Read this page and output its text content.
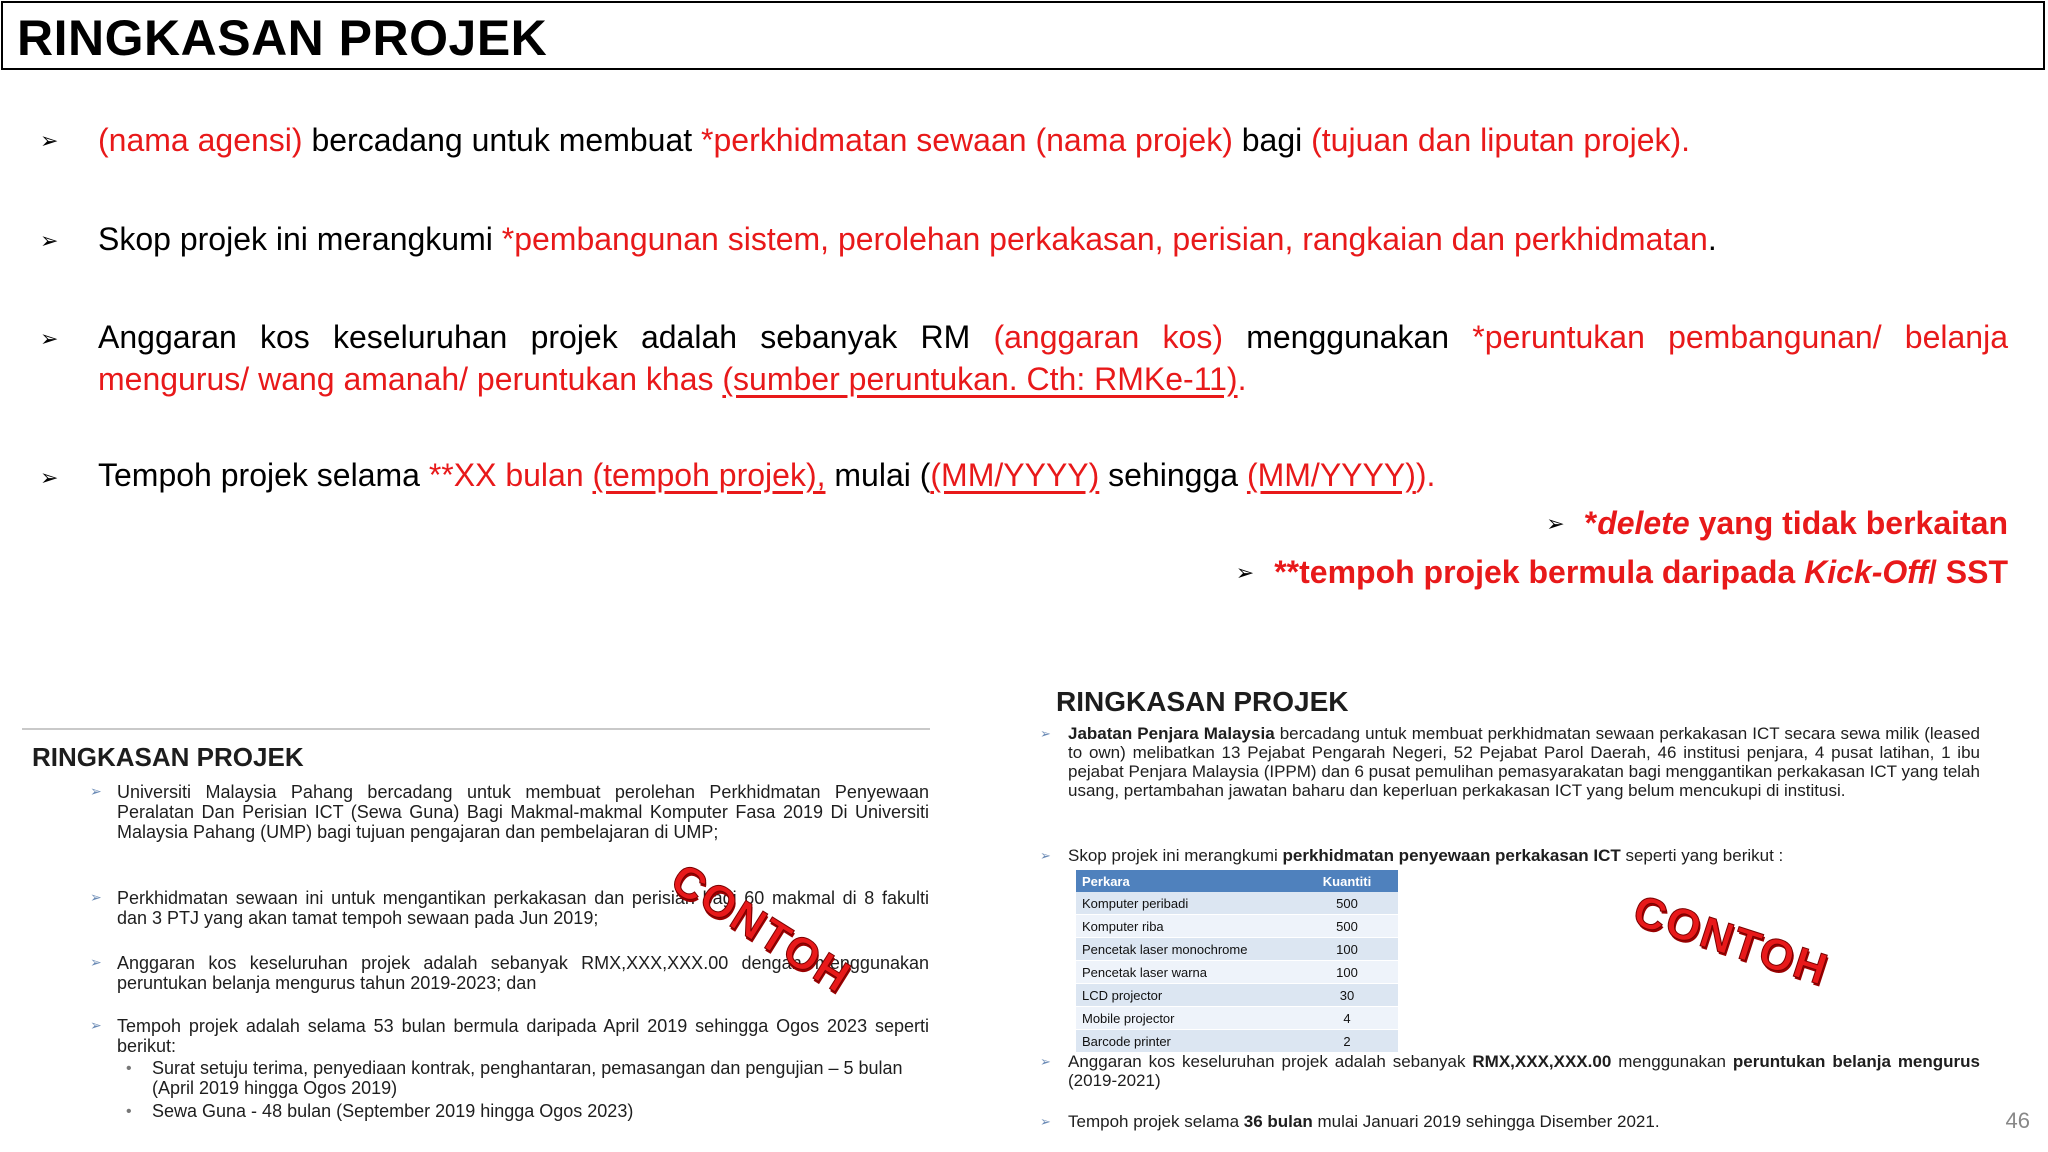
RINGKASAN PROJEK
➢ (nama agensi) bercadang untuk membuat *perkhidmatan sewaan (nama projek) bagi (tujuan dan liputan projek).
➢ Skop projek ini merangkumi *pembangunan sistem, perolehan perkakasan, perisian, rangkaian dan perkhidmatan.
➢ Anggaran kos keseluruhan projek adalah sebanyak RM (anggaran kos) menggunakan *peruntukan pembangunan/ belanja
mengurus/ wang amanah/ peruntukan khas (sumber peruntukan. Cth: RMKe-11).
➢ Tempoh projek selama **XX bulan (tempoh projek), mulai ((MM/YYYY) sehingga (MM/YYYY)).
➢ *delete yang tidak berkaitan
➢ **tempoh projek bermula daripada Kick-Off/ SST
RINGKASAN PROJEK
➢ Universiti Malaysia Pahang bercadang untuk membuat perolehan Perkhidmatan Penyewaan Peralatan Dan Perisian ICT (Sewa Guna) Bagi Makmal-makmal Komputer Fasa 2019 Di Universiti Malaysia Pahang (UMP) bagi tujuan pengajaran dan pembelajaran di UMP;
➢ Perkhidmatan sewaan ini untuk mengantikan perkakasan dan perisian bagi 60 makmal di 8 fakulti dan 3 PTJ yang akan tamat tempoh sewaan pada Jun 2019;
➢ Anggaran kos keseluruhan projek adalah sebanyak RMX,XXX,XXX.00 dengan menggunakan peruntukan belanja mengurus tahun 2019-2023; dan
➢ Tempoh projek adalah selama 53 bulan bermula daripada April 2019 sehingga Ogos 2023 seperti berikut:
• Surat setuju terima, penyediaan kontrak, penghantaran, pemasangan dan pengujian – 5 bulan (April 2019 hingga Ogos 2019)
• Sewa Guna - 48 bulan (September 2019 hingga Ogos 2023)
CONTOH
RINGKASAN PROJEK
➢ Jabatan Penjara Malaysia bercadang untuk membuat perkhidmatan sewaan perkakasan ICT secara sewa milik (leased to own) melibatkan 13 Pejabat Pengarah Negeri, 52 Pejabat Parol Daerah, 46 institusi penjara, 4 pusat latihan, 1 ibu pejabat Penjara Malaysia (IPPM) dan 6 pusat pemulihan pemasyarakatan bagi menggantikan perkakasan ICT yang telah usang, pertambahan jawatan baharu dan keperluan perkakasan ICT yang belum mencukupi di institusi.
➢ Skop projek ini merangkumi perkhidmatan penyewaan perkakasan ICT seperti yang berikut :
Perkara	Kuantiti
Komputer peribadi	500
Komputer riba	500
Pencetak laser monochrome	100
Pencetak laser warna	100
LCD projector	30
Mobile projector	4
Barcode printer	2
➢ Anggaran kos keseluruhan projek adalah sebanyak RMX,XXX,XXX.00 menggunakan peruntukan belanja mengurus (2019-2021)
➢ Tempoh projek selama 36 bulan mulai Januari 2019 sehingga Disember 2021.
CONTOH
46
